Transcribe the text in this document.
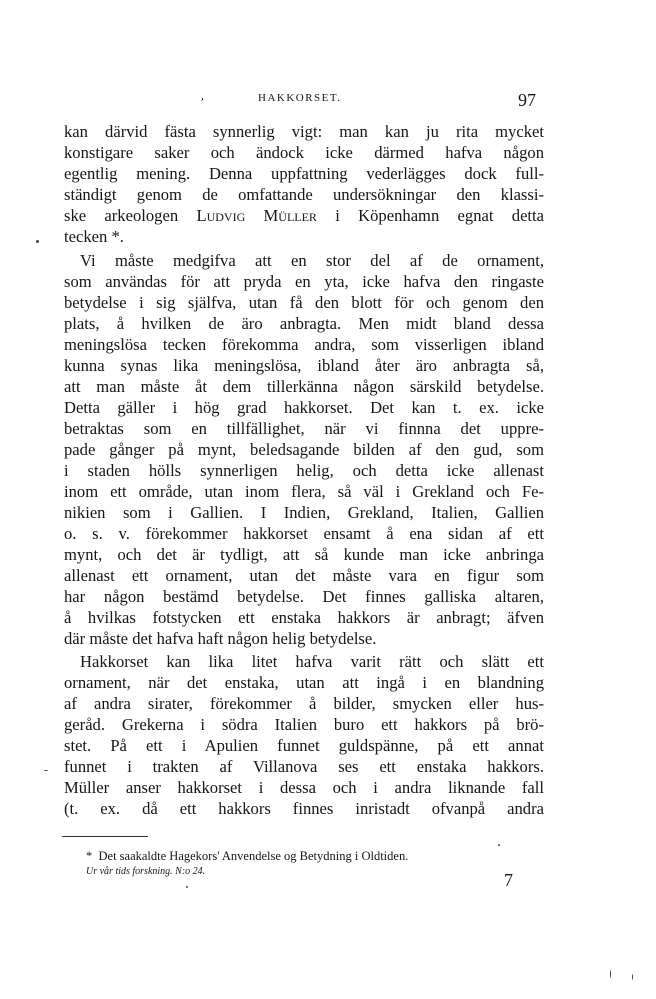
ʼ	HAKKORSET.	97
kan därvid fästa synnerlig vigt: man kan ju rita mycket
konstigare saker och ändock icke därmed hafva någon
egentlig mening. Denna uppfattning vederlägges dock full-
ständigt genom de omfattande undersökningar den klassi-
ske arkeologen Ludvig Müller i Köpenhamn egnat detta
tecken *.
Vi måste medgifva att en stor del af de ornament,
som användas för att pryda en yta, icke hafva den ringaste
betydelse i sig själfva, utan få den blott för och genom den
plats, å hvilken de äro anbragta. Men midt bland dessa
meningslösa tecken förekomma andra, som visserligen ibland
kunna synas lika meningslösa, ibland åter äro anbragta så,
att man måste åt dem tillerkänna någon särskild betydelse.
Detta gäller i hög grad hakkorset. Det kan t. ex. icke
betraktas som en tillfällighet, när vi finnna det uppre-
pade gånger på mynt, beledsagande bilden af den gud, som
i staden hölls synnerligen helig, och detta icke allenast
inom ett område, utan inom flera, så väl i Grekland och Fe-
nikien som i Gallien. I Indien, Grekland, Italien, Gallien
o. s. v. förekommer hakkorset ensamt å ena sidan af ett
mynt, och det är tydligt, att så kunde man icke anbringa
allenast ett ornament, utan det måste vara en figur som
har någon bestämd betydelse. Det finnes galliska altaren,
å hvilkas fotstycken ett enstaka hakkors är anbragt; äfven
där måste det hafva haft någon helig betydelse.
Hakkorset kan lika litet hafva varit rätt och slätt ett
ornament, när det enstaka, utan att ingå i en blandning
af andra sirater, förekommer å bilder, smycken eller hus-
geråd. Grekerna i södra Italien buro ett hakkors på brö-
stet. På ett i Apulien funnet guldspänne, på ett annat
funnet i trakten af Villanova ses ett enstaka hakkors.
Müller anser hakkorset i dessa och i andra liknande fall
(t. ex. då ett hakkors finnes inristadt ofvanpå andra
* Det saakaldte Hagekors' Anvendelse og Betydning i Oldtiden.
Ur vår tids forskning. N:o 24.	7
